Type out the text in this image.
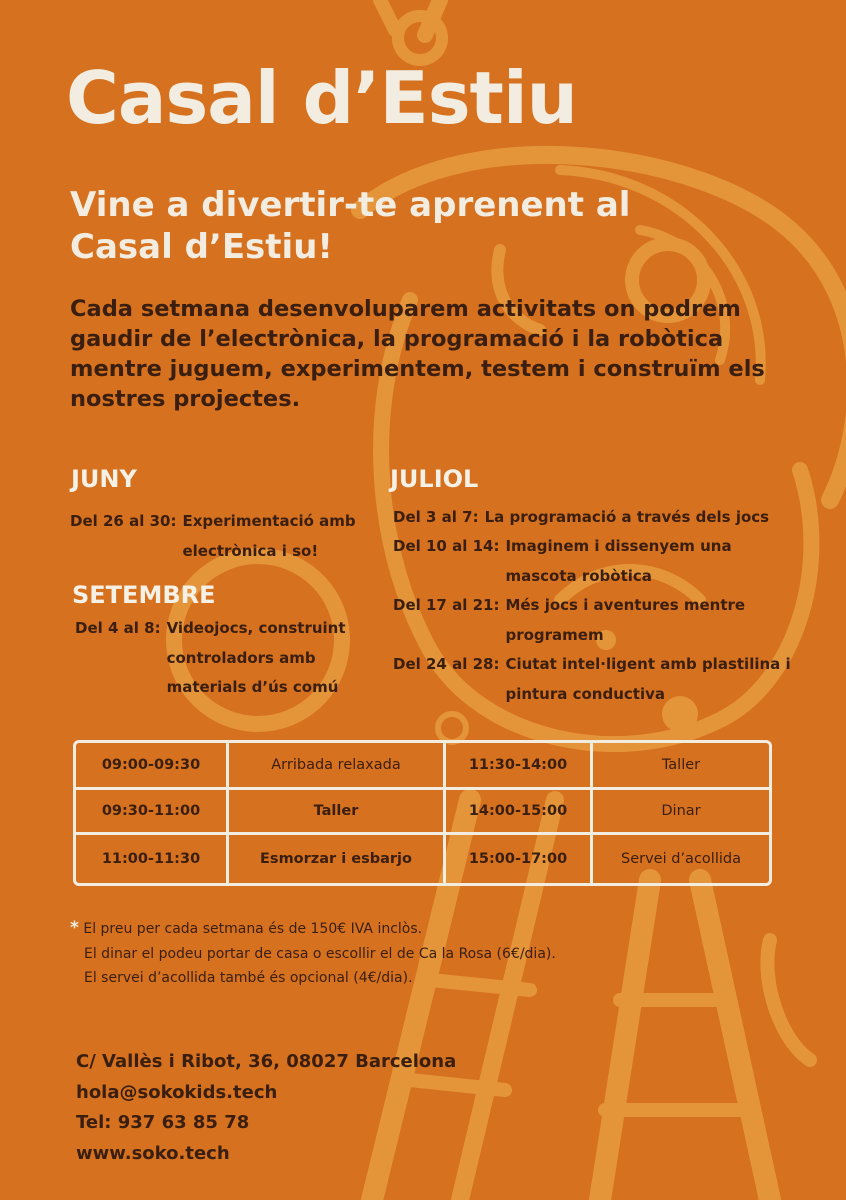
Casal d’Estiu
Vine a divertir-te aprenent al Casal d’Estiu!

Cada setmana desenvoluparem activitats on podrem gaudir de l’electrònica, la programació i la robòtica mentre juguem, experimentem, testem i construïm els nostres projectes.

JUNY
Del 26 al 30: Experimentació amb electrònica i so!
SETEMBRE
Del 4 al 8: Videojocs, construint controladors amb materials d’ús comú
JULIOL
Del 3 al 7: La programació a través dels jocs
Del 10 al 14: Imaginem i dissenyem una mascota robòtica
Del 17 al 21: Més jocs i aventures mentre programem
Del 24 al 28: Ciutat intel·ligent amb plastilina i pintura conductiva
09:00-09:30	Arribada relaxada	11:30-14:00	Taller
09:30-11:00	Taller	14:00-15:00	Dinar
11:00-11:30	Esmorzar i esbarjo	15:00-17:00	Servei d’acollida
* El preu per cada setmana és de 150€ IVA inclòs.
El dinar el podeu portar de casa o escollir el de Ca la Rosa (6€/dia).
El servei d’acollida també és opcional (4€/dia).
C/ Vallès i Ribot, 36, 08027 Barcelona
hola@sokokids.tech
Tel: 937 63 85 78
www.soko.tech
